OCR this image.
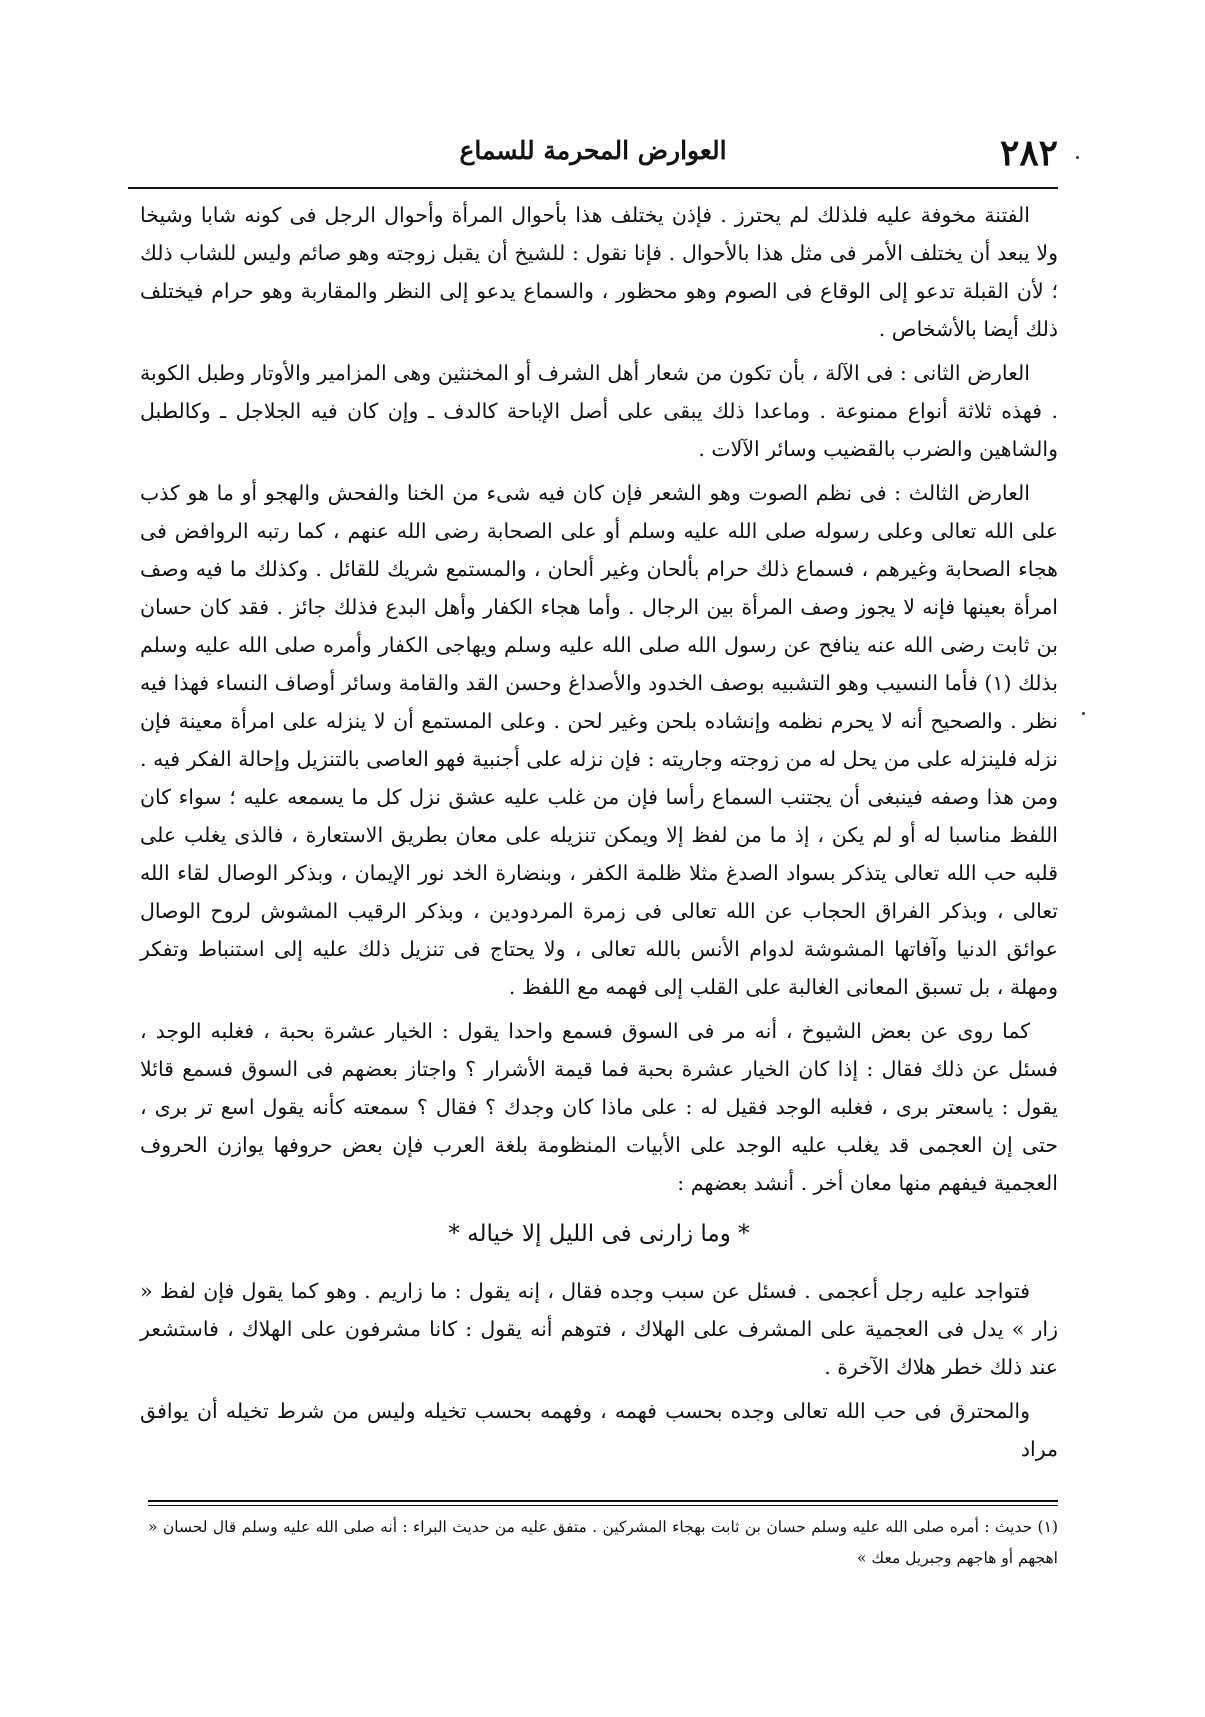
٢٨٢
العوارض المحرمة للسماع

الفتنة مخوفة عليه فلذلك لم يحترز . فإذن يختلف هذا بأحوال المرأة وأحوال الرجل فى كونه شابا وشيخا ولا يبعد أن يختلف الأمر فى مثل هذا بالأحوال . فإنا نقول : للشيخ أن يقبل زوجته وهو صائم وليس للشاب ذلك ؛ لأن القبلة تدعو إلى الوقاع فى الصوم وهو محظور ، والسماع يدعو إلى النظر والمقاربة وهو حرام فيختلف ذلك أيضا بالأشخاص .

العارض الثانى : فى الآلة ، بأن تكون من شعار أهل الشرف أو المخنثين وهى المزامير والأوتار وطبل الكوبة . فهذه ثلاثة أنواع ممنوعة . وماعدا ذلك يبقى على أصل الإباحة كالدف ـ وإن كان فيه الجلاجل ـ وكالطبل والشاهين والضرب بالقضيب وسائر الآلات .

العارض الثالث : فى نظم الصوت وهو الشعر فإن كان فيه شىء من الخنا والفحش والهجو أو ما هو كذب على الله تعالى وعلى رسوله صلى الله عليه وسلم أو على الصحابة رضى الله عنهم ، كما رتبه الروافض فى هجاء الصحابة وغيرهم ، فسماع ذلك حرام بألحان وغير ألحان ، والمستمع شريك للقائل . وكذلك ما فيه وصف امرأة بعينها فإنه لا يجوز وصف المرأة بين الرجال . وأما هجاء الكفار وأهل البدع فذلك جائز . فقد كان حسان بن ثابت رضى الله عنه ينافح عن رسول الله صلى الله عليه وسلم ويهاجى الكفار وأمره صلى الله عليه وسلم بذلك (١) فأما النسيب وهو التشبيه بوصف الخدود والأصداغ وحسن القد والقامة وسائر أوصاف النساء فهذا فيه نظر . والصحيح أنه لا يحرم نظمه وإنشاده بلحن وغير لحن . وعلى المستمع أن لا ينزله على امرأة معينة فإن نزله فلينزله على من يحل له من زوجته وجاريته : فإن نزله على أجنبية فهو العاصى بالتنزيل وإحالة الفكر فيه . ومن هذا وصفه فينبغى أن يجتنب السماع رأسا فإن من غلب عليه عشق نزل كل ما يسمعه عليه ؛ سواء كان اللفظ مناسبا له أو لم يكن ، إذ ما من لفظ إلا ويمكن تنزيله على معان بطريق الاستعارة ، فالذى يغلب على قلبه حب الله تعالى يتذكر بسواد الصدغ مثلا ظلمة الكفر ، وبنضارة الخد نور الإيمان ، وبذكر الوصال لقاء الله تعالى ، وبذكر الفراق الحجاب عن الله تعالى فى زمرة المردودين ، وبذكر الرقيب المشوش لروح الوصال عوائق الدنيا وآفاتها المشوشة لدوام الأنس بالله تعالى ، ولا يحتاج فى تنزيل ذلك عليه إلى استنباط وتفكر ومهلة ، بل تسبق المعانى الغالبة على القلب إلى فهمه مع اللفظ .

كما روى عن بعض الشيوخ ، أنه مر فى السوق فسمع واحدا يقول : الخيار عشرة بحبة ، فغلبه الوجد ، فسئل عن ذلك فقال : إذا كان الخيار عشرة بحبة فما قيمة الأشرار ؟ واجتاز بعضهم فى السوق فسمع قائلا يقول : ياسعتر برى ، فغلبه الوجد فقيل له : على ماذا كان وجدك ؟ فقال ؟ سمعته كأنه يقول اسع تر برى ، حتى إن العجمى قد يغلب عليه الوجد على الأبيات المنظومة بلغة العرب فإن بعض حروفها يوازن الحروف العجمية فيفهم منها معان أخر . أنشد بعضهم :

* وما زارنى فى الليل إلا خياله *

فتواجد عليه رجل أعجمى . فسئل عن سبب وجده فقال ، إنه يقول : ما زاريم . وهو كما يقول فإن لفظ « زار » يدل فى العجمية على المشرف على الهلاك ، فتوهم أنه يقول : كانا مشرفون على الهلاك ، فاستشعر عند ذلك خطر هلاك الآخرة .

والمحترق فى حب الله تعالى وجده بحسب فهمه ، وفهمه بحسب تخيله وليس من شرط تخيله أن يوافق مراد

(١) حديث : أمره صلى الله عليه وسلم حسان بن ثابت بهجاء المشركين . متفق عليه من حديث البراء : أنه صلى الله عليه وسلم قال لحسان « اهجهم أو هاجهم وجبريل معك »
